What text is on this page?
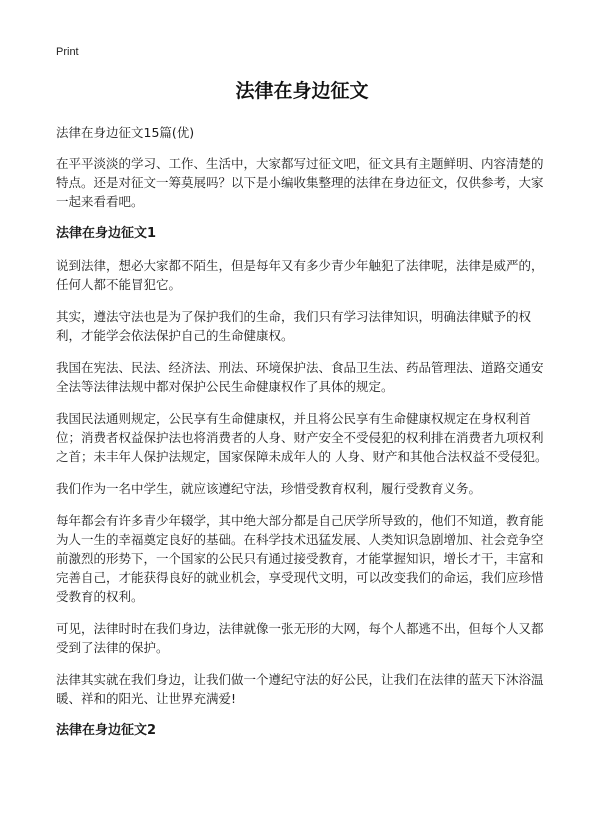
Print
法律在身边征文
法律在身边征文15篇(优)

在平平淡淡的学习、工作、生活中，大家都写过征文吧，征文具有主题鲜明、内容清楚的特点。还是对征文一筹莫展吗？以下是小编收集整理的法律在身边征文，仅供参考，大家一起来看看吧。

法律在身边征文1

说到法律，想必大家都不陌生，但是每年又有多少青少年触犯了法律呢，法律是威严的，任何人都不能冒犯它。

其实，遵法守法也是为了保护我们的生命，我们只有学习法律知识，明确法律赋予的权利，才能学会依法保护自己的生命健康权。

我国在宪法、民法、经济法、刑法、环境保护法、食品卫生法、药品管理法、道路交通安全法等法律法规中都对保护公民生命健康权作了具体的规定。

我国民法通则规定，公民享有生命健康权，并且将公民享有生命健康权规定在身权利首位；消费者权益保护法也将消费者的人身、财产安全不受侵犯的权利排在消费者九项权利之首；未丰年人保护法规定，国家保障未成年人的 人身、财产和其他合法权益不受侵犯。

我们作为一名中学生，就应该遵纪守法，珍惜受教育权利，履行受教育义务。

每年都会有许多青少年辍学，其中绝大部分都是自己厌学所导致的，他们不知道，教育能为人一生的幸福奠定良好的基础。在科学技术迅猛发展、人类知识急剧增加、社会竞争空前激烈的形势下，一个国家的公民只有通过接受教育，才能掌握知识，增长才干，丰富和完善自己，才能获得良好的就业机会，享受现代文明，可以改变我们的命运，我们应珍惜受教育的权利。

可见，法律时时在我们身边，法律就像一张无形的大网，每个人都逃不出，但每个人又都受到了法律的保护。

法律其实就在我们身边，让我们做一个遵纪守法的好公民，让我们在法律的蓝天下沐浴温暖、祥和的阳光、让世界充满爱!

法律在身边征文2
